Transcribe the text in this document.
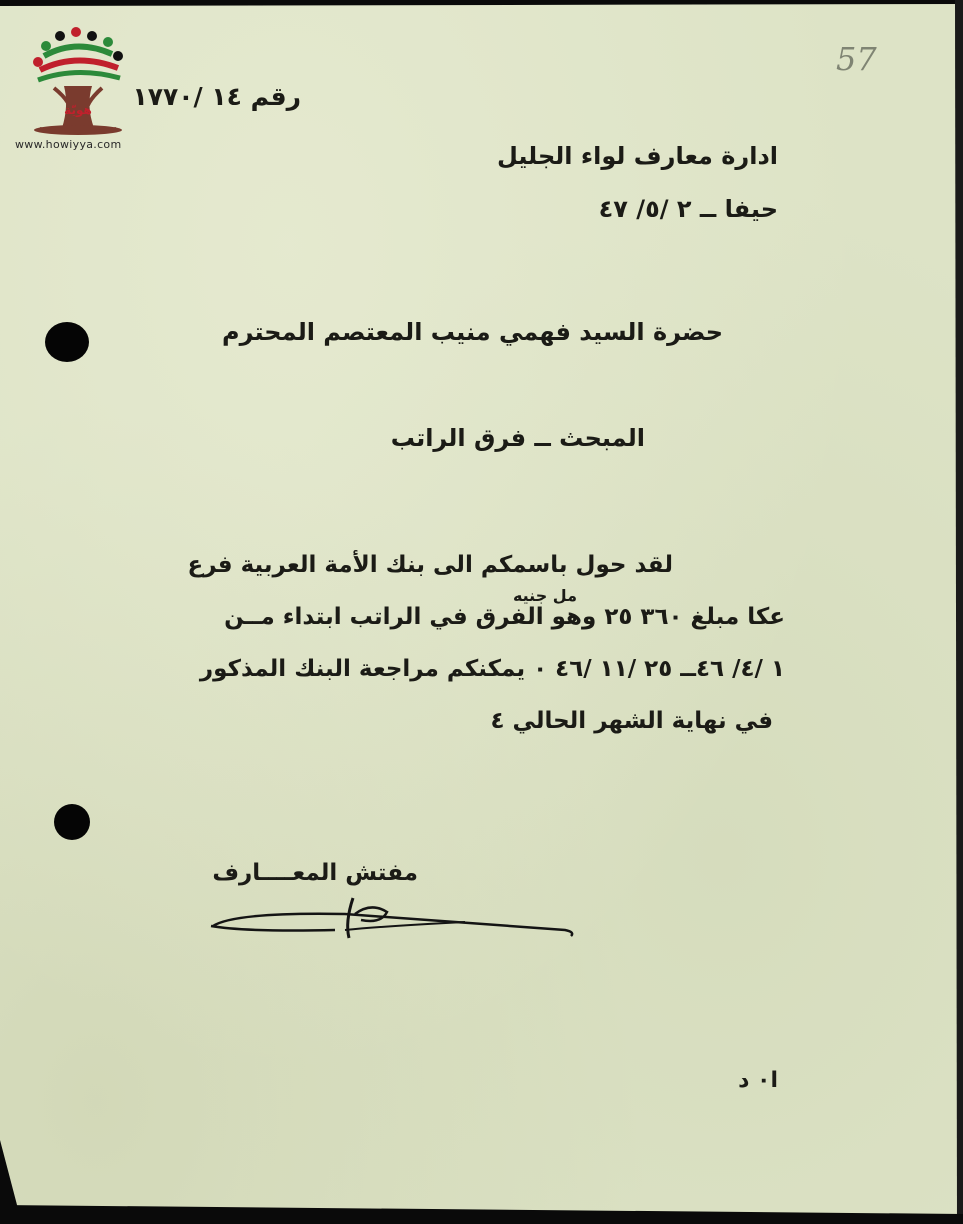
هويّة
www.howiyya.com
57
رقم ١٤ /١٧٧٠
ادارة معارف لواء الجليل
حيفا ــ ٢ /٥/ ٤٧
حضرة السيد فهمي منيب المعتصم المحترم
المبحث ــ فرق الراتب
مل جنيه
لقد حول باسمكم الى بنك الأمة العربية فرع
عكا مبلغ ٣٦٠ ٢٥ وهو الفرق في الراتب ابتداء مــن
١ /٤/ ٤٦ــ ٢٥ /١١ /٤٦ ٠ يمكنكم مراجعة البنك المذكور
في نهاية الشهر الحالي ٤
مفتش المعــــارف
ا٠ د
